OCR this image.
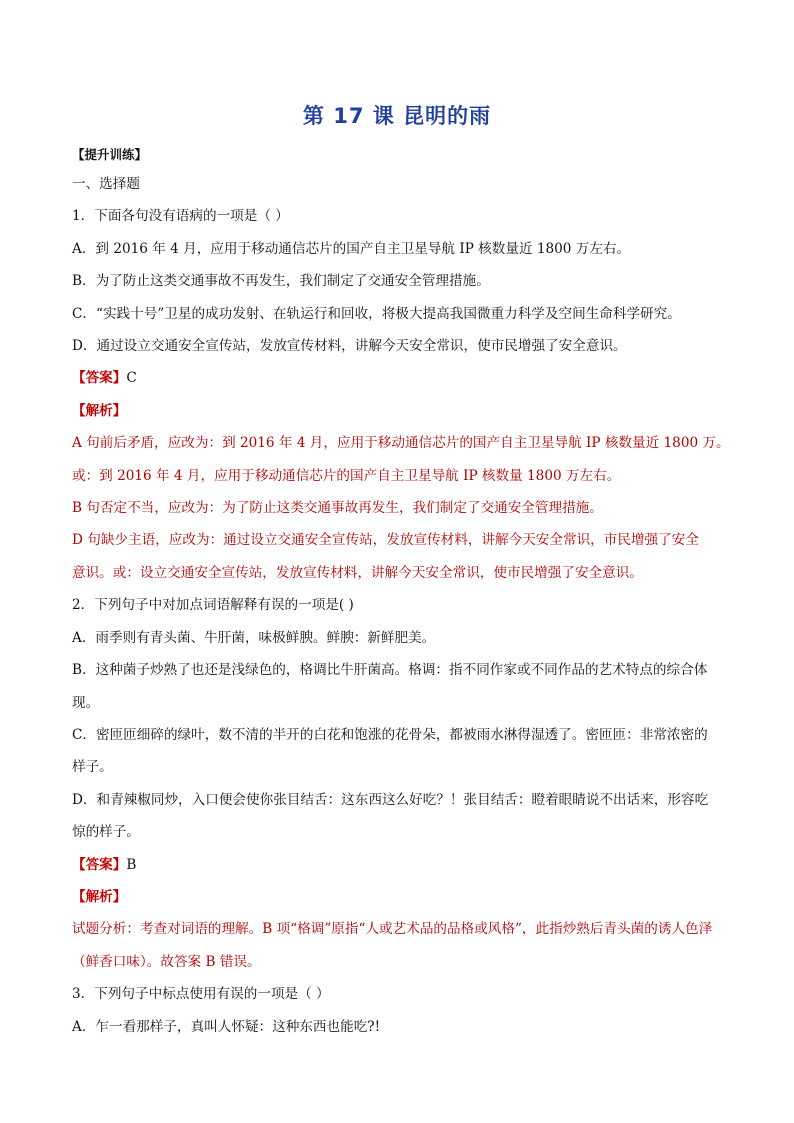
第 17 课 昆明的雨
【提升训练】

一、选择题

1．下面各句没有语病的一项是（ ）

A．到 2016 年 4 月，应用于移动通信芯片的国产自主卫星导航 IP 核数量近 1800 万左右。

B．为了防止这类交通事故不再发生，我们制定了交通安全管理措施。

C．“实践十号”卫星的成功发射、在轨运行和回收，将极大提高我国微重力科学及空间生命科学研究。

D．通过设立交通安全宣传站，发放宣传材料，讲解今天安全常识，使市民增强了安全意识。

【答案】C

【解析】

A 句前后矛盾，应改为：到 2016 年 4 月，应用于移动通信芯片的国产自主卫星导航 IP 核数量近 1800 万。

或：到 2016 年 4 月，应用于移动通信芯片的国产自主卫星导航 IP 核数量 1800 万左右。

B 句否定不当，应改为：为了防止这类交通事故再发生，我们制定了交通安全管理措施。

D 句缺少主语，应改为：通过设立交通安全宣传站，发放宣传材料，讲解今天安全常识，市民增强了安全

意识。或：设立交通安全宣传站，发放宣传材料，讲解今天安全常识，使市民增强了安全意识。

2．下列句子中对加点词语解释有误的一项是( )

A．雨季则有青头菌、牛肝菌，味极鲜腴。鲜腴：新鲜肥美。

B．这种菌子炒熟了也还是浅绿色的，格调比牛肝菌高。格调：指不同作家或不同作品的艺术特点的综合体

现。

C．密匝匝细碎的绿叶，数不清的半开的白花和饱涨的花骨朵，都被雨水淋得湿透了。密匝匝：非常浓密的

样子。

D．和青辣椒同炒，入口便会使你张目结舌：这东西这么好吃？！张目结舌：瞪着眼睛说不出话来，形容吃

惊的样子。

【答案】B

【解析】

试题分析：考查对词语的理解。B 项“格调”原指“人或艺术品的品格或风格”，此指炒熟后青头菌的诱人色泽

（鲜香口味）。故答案 B 错误。

3．下列句子中标点使用有误的一项是（ ）

A．乍一看那样子，真叫人怀疑：这种东西也能吃?!
